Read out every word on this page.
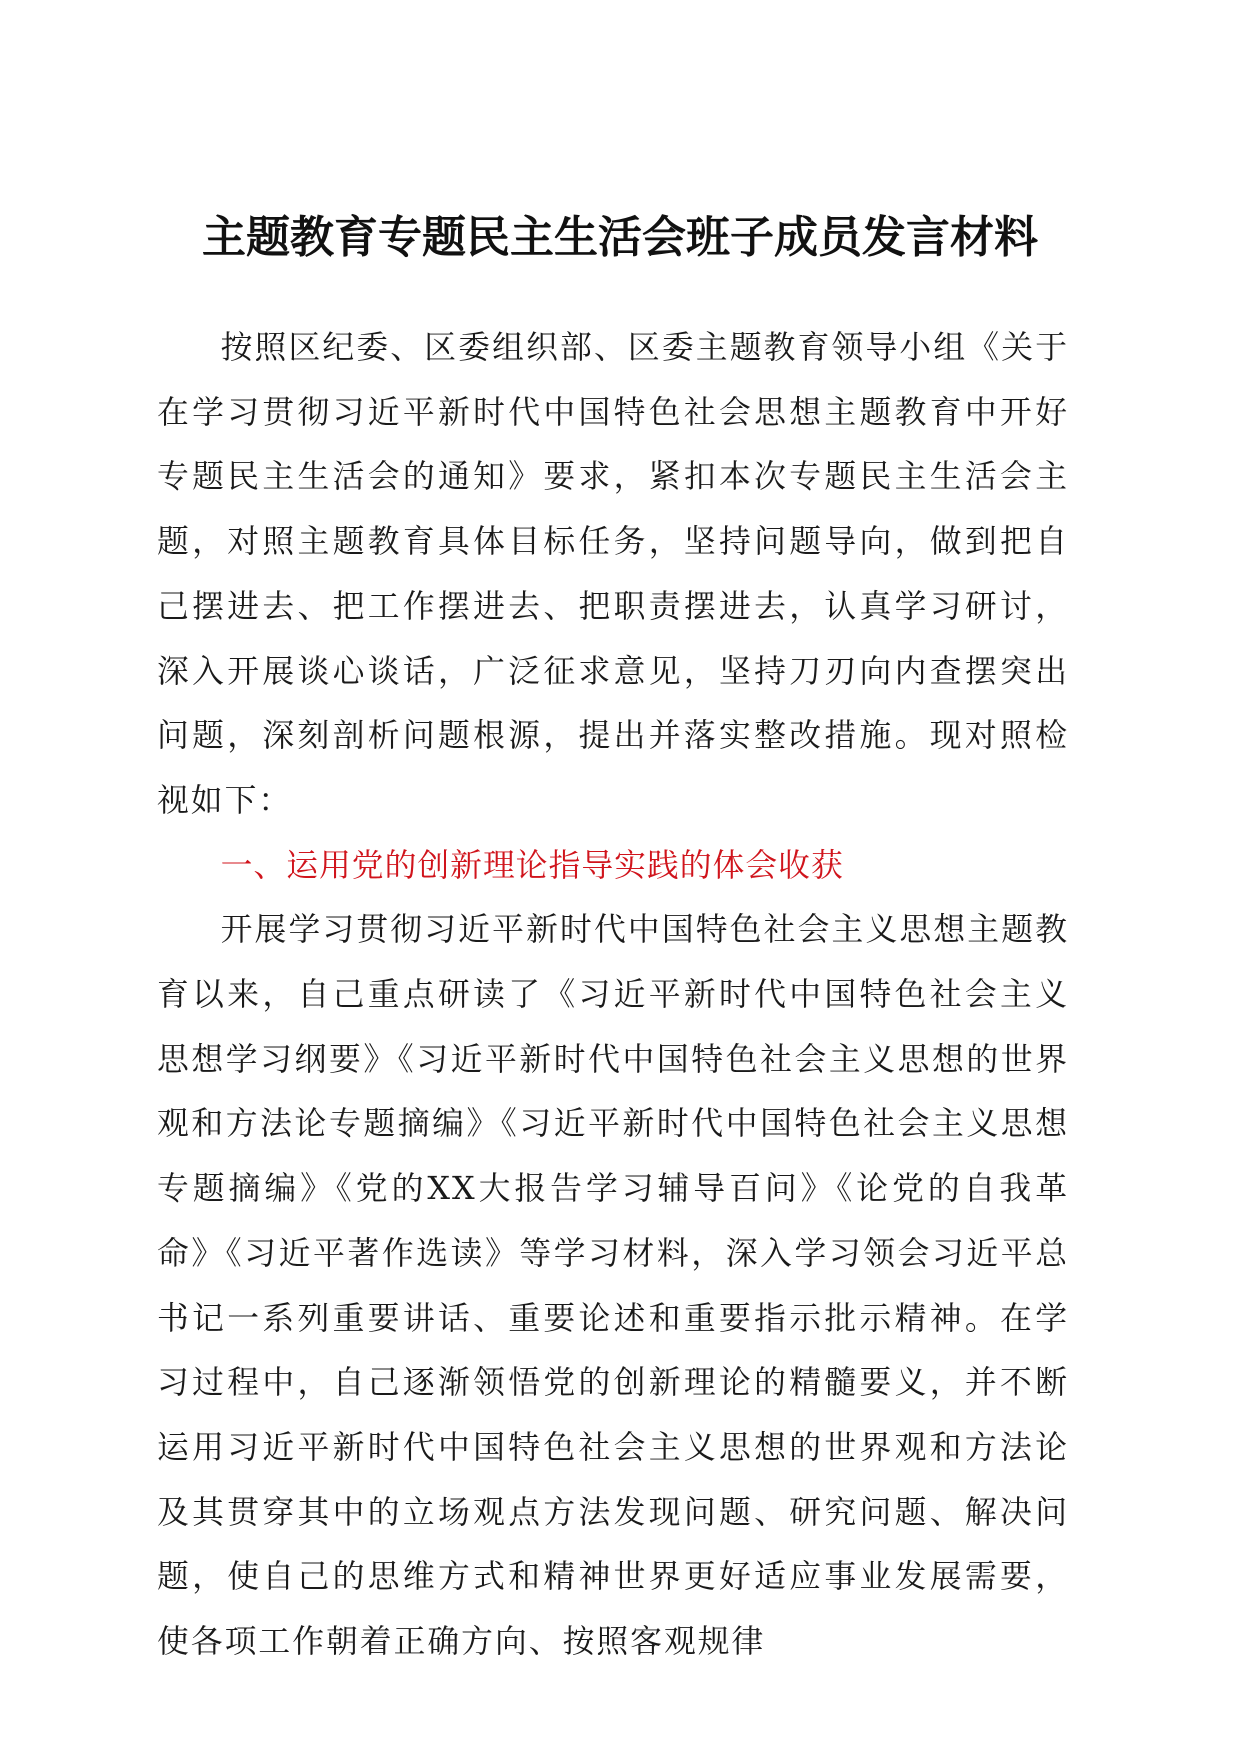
主题教育专题民主生活会班子成员发言材料

按照区纪委、区委组织部、区委主题教育领导小组《关于在学习贯彻习近平新时代中国特色社会思想主题教育中开好专题民主生活会的通知》要求，紧扣本次专题民主生活会主题，对照主题教育具体目标任务，坚持问题导向，做到把自己摆进去、把工作摆进去、把职责摆进去，认真学习研讨，深入开展谈心谈话，广泛征求意见，坚持刀刃向内查摆突出问题，深刻剖析问题根源，提出并落实整改措施。现对照检视如下：

一、运用党的创新理论指导实践的体会收获

开展学习贯彻习近平新时代中国特色社会主义思想主题教育以来，自己重点研读了《习近平新时代中国特色社会主义思想学习纲要》《习近平新时代中国特色社会主义思想的世界观和方法论专题摘编》《习近平新时代中国特色社会主义思想专题摘编》《党的XX大报告学习辅导百问》《论党的自我革命》《习近平著作选读》等学习材料，深入学习领会习近平总书记一系列重要讲话、重要论述和重要指示批示精神。在学习过程中，自己逐渐领悟党的创新理论的精髓要义，并不断运用习近平新时代中国特色社会主义思想的世界观和方法论及其贯穿其中的立场观点方法发现问题、研究问题、解决问题，使自己的思维方式和精神世界更好适应事业发展需要，使各项工作朝着正确方向、按照客观规律
